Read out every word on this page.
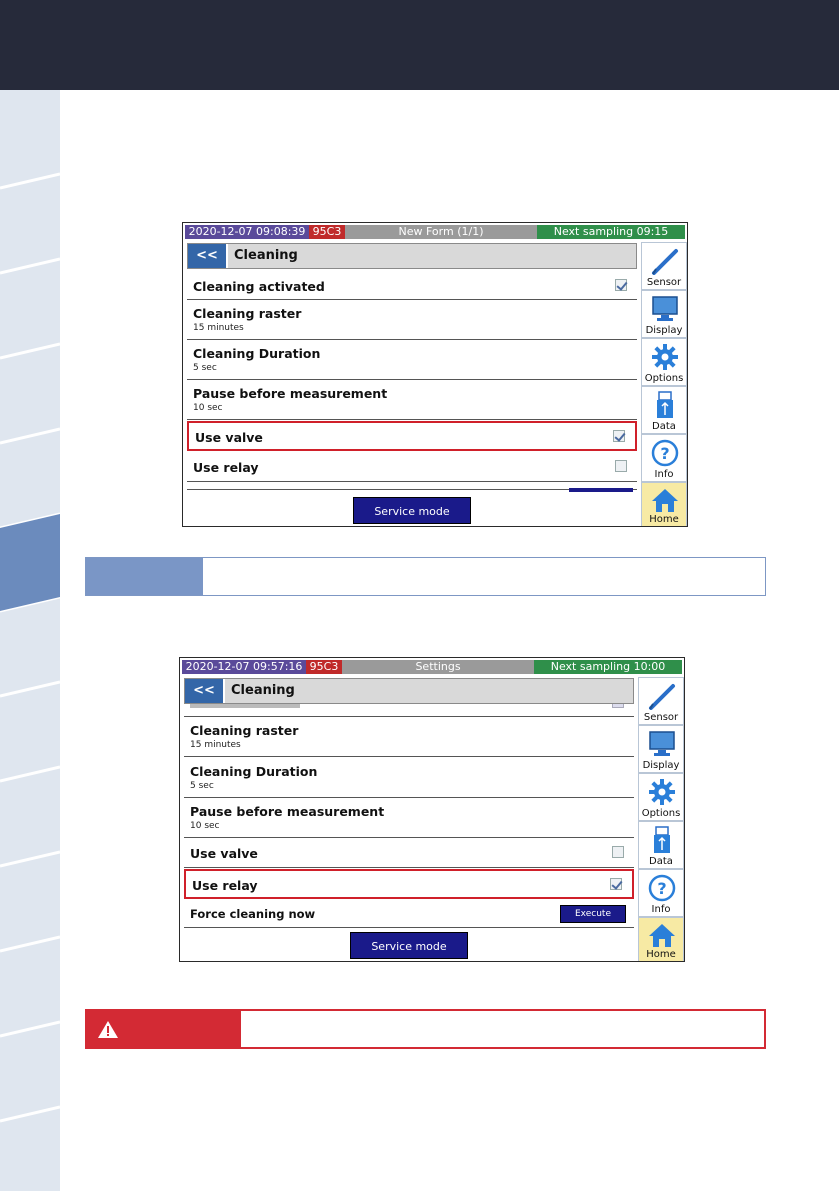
2020-12-07 09:08:39 95C3	New Form (1/1)	Next sampling 09:15
<<	Cleaning
Cleaning activated
Cleaning raster
15 minutes
Cleaning Duration
5 sec
Pause before measurement
10 sec
Use valve
Use relay
Service mode
Sensor
Display
Options
Data
?
Info
Home
2020-12-07 09:57:16 95C3	Settings	Next sampling 10:00
<<	Cleaning
Cleaning raster
15 minutes
Cleaning Duration
5 sec
Pause before measurement
10 sec
Use valve
Use relay
Force cleaning now	Execute
Service mode
Sensor
Display
Options
Data
?
Info
Home
